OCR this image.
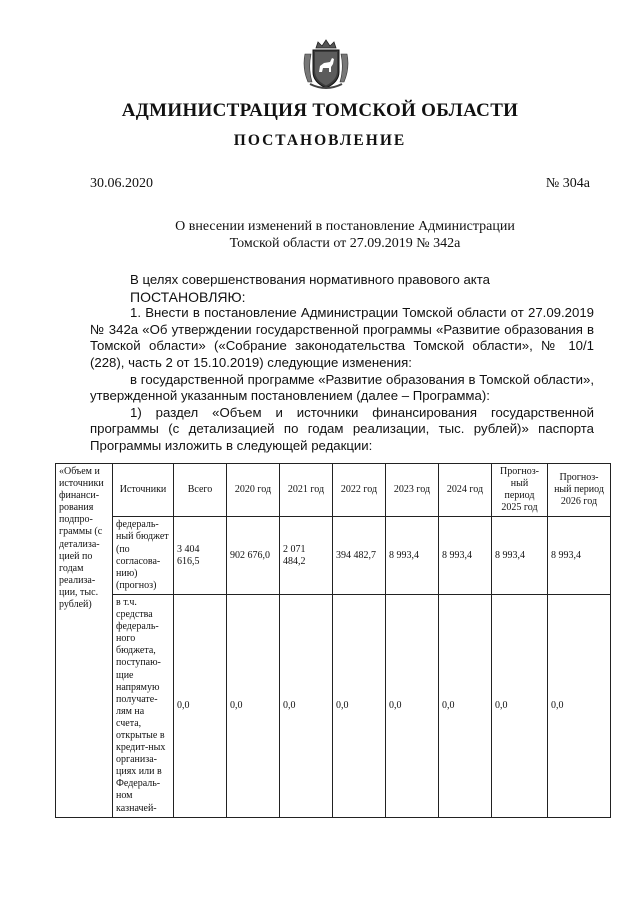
АДМИНИСТРАЦИЯ ТОМСКОЙ ОБЛАСТИ
ПОСТАНОВЛЕНИЕ
30.06.2020	№ 304а
О внесении изменений в постановление Администрации
Томской области от 27.09.2019 № 342а

В целях совершенствования нормативного правового акта

ПОСТАНОВЛЯЮ:

1. Внести в постановление Администрации Томской области от 27.09.2019 № 342а «Об утверждении государственной программы «Развитие образования в Томской области» («Собрание законодательства Томской области», № 10/1 (228), часть 2 от 15.10.2019) следующие изменения:

в государственной программе «Развитие образования в Томской области», утвержденной указанным постановлением (далее – Программа):

1) раздел «Объем и источники финансирования государственной программы (с детализацией по годам реализации, тыс. рублей)» паспорта Программы изложить в следующей редакции:

«Объем и источники финанси-рования подпро-граммы (с детализа-цией по годам реализа-ции, тыс. рублей)	Источники	Всего	2020 год	2021 год	2022 год	2023 год	2024 год	Прогноз-ный период 2025 год	Прогноз-ный период 2026 год
	федераль-ный бюджет (по согласова-нию) (прогноз)	3 404 616,5	902 676,0	2 071 484,2	394 482,7	8 993,4	8 993,4	8 993,4	8 993,4
	в т.ч. средства федераль-ного бюджета, поступаю-щие напрямую получате-лям на счета, открытые в кредит-ных организа-циях или в Федераль-ном казначей-	0,0	0,0	0,0	0,0	0,0	0,0	0,0	0,0
